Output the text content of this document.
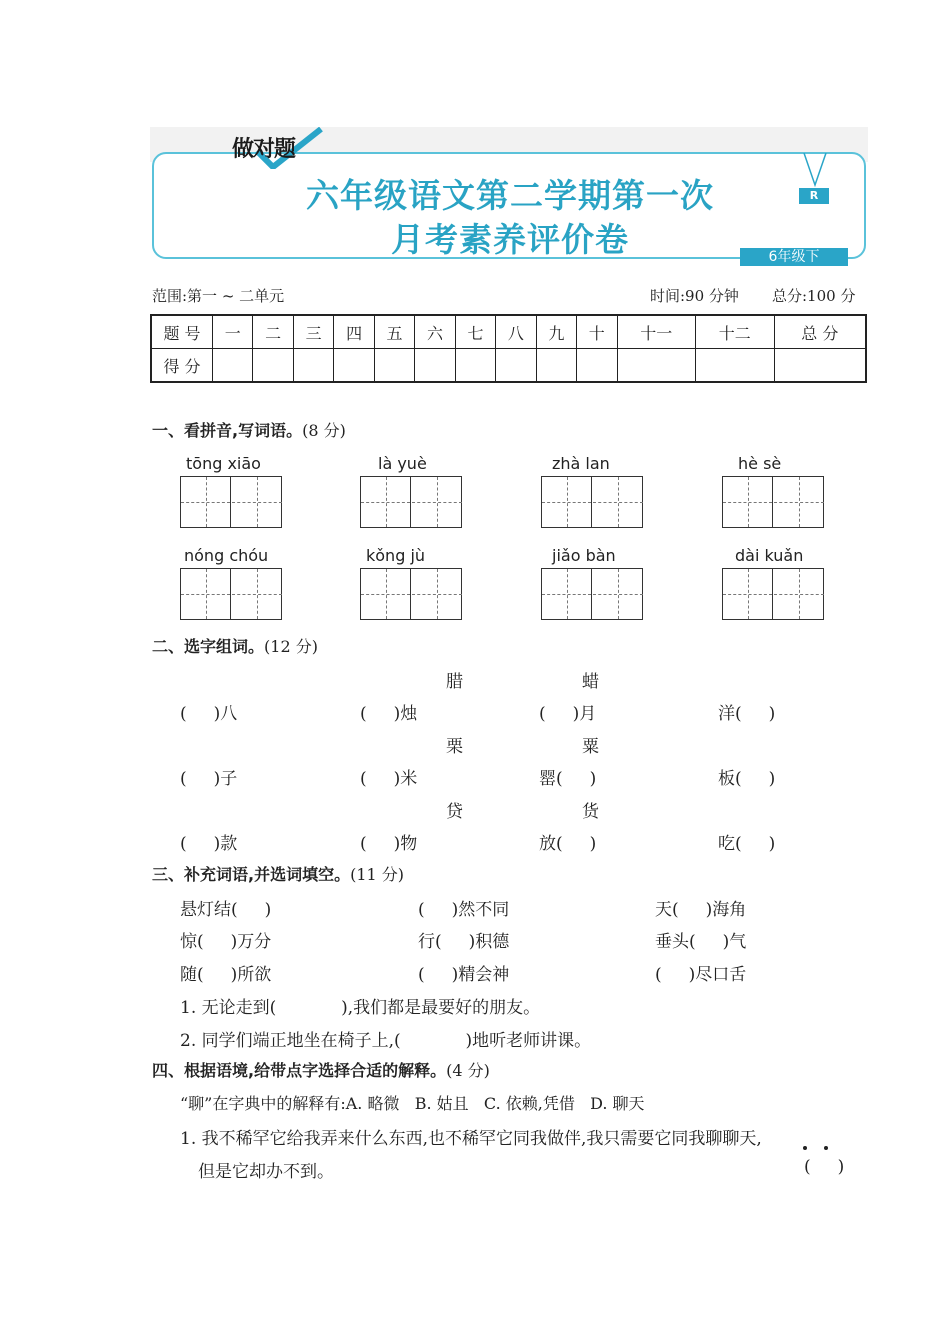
做对题
六年级语文第二学期第一次
月考素养评价卷
R
6年级下
范围:第一 ~ 二单元	时间:90 分钟 总分:100 分
题 号	一	二	三	四	五	六	七	八	九	十	十一	十二	总 分
得 分													
一、看拼音,写词语。(8 分)
tōng xiāo	là yuè	zhà lan	hè sè
nóng chóu	kǒng jù	jiǎo bàn	dài kuǎn
二、选字组词。(12 分)
腊	蜡
(     )八	(     )烛	(     )月	洋(     )
栗	粟
(     )子	(     )米	罂(     )	板(     )
贷	货
(     )款	(     )物	放(     )	吃(     )
三、补充词语,并选词填空。(11 分)
悬灯结(     )	(     )然不同	天(     )海角
惊(     )万分	行(     )积德	垂头(     )气
随(     )所欲	(     )精会神	(     )尽口舌
1. 无论走到(            ),我们都是最要好的朋友。
2. 同学们端正地坐在椅子上,(            )地听老师讲课。
四、根据语境,给带点字选择合适的解释。(4 分)
“聊”在字典中的解释有:A. 略微   B. 姑且   C. 依赖,凭借   D. 聊天
1. 我不稀罕它给我弄来什么东西,也不稀罕它同我做伴,我只需要它同我聊聊天,
但是它却办不到。	(     )
